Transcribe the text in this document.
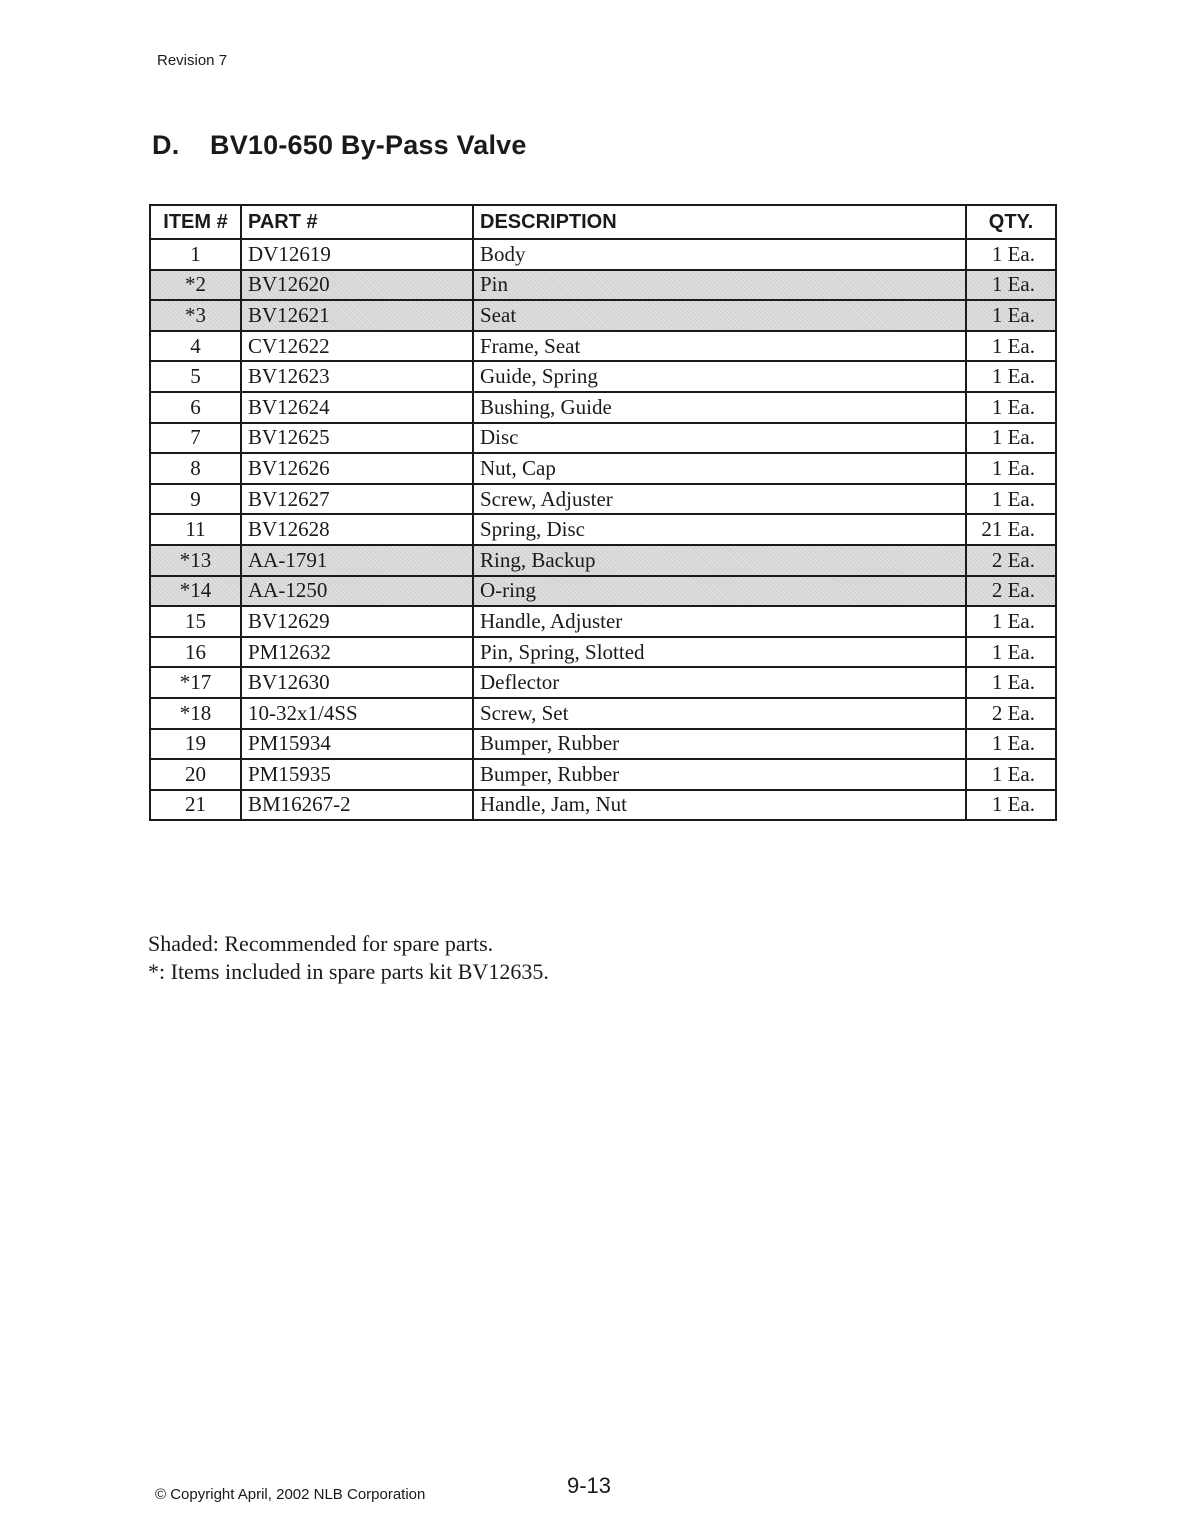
Revision 7
D. BV10-650 By-Pass Valve
ITEM #	PART #	DESCRIPTION	QTY.
1	DV12619	Body	1 Ea.
*2	BV12620	Pin	1 Ea.
*3	BV12621	Seat	1 Ea.
4	CV12622	Frame, Seat	1 Ea.
5	BV12623	Guide, Spring	1 Ea.
6	BV12624	Bushing, Guide	1 Ea.
7	BV12625	Disc	1 Ea.
8	BV12626	Nut, Cap	1 Ea.
9	BV12627	Screw, Adjuster	1 Ea.
11	BV12628	Spring, Disc	21 Ea.
*13	AA-1791	Ring, Backup	2 Ea.
*14	AA-1250	O-ring	2 Ea.
15	BV12629	Handle, Adjuster	1 Ea.
16	PM12632	Pin, Spring, Slotted	1 Ea.
*17	BV12630	Deflector	1 Ea.
*18	10-32x1/4SS	Screw, Set	2 Ea.
19	PM15934	Bumper, Rubber	1 Ea.
20	PM15935	Bumper, Rubber	1 Ea.
21	BM16267-2	Handle, Jam, Nut	1 Ea.
Shaded: Recommended for spare parts.
*: Items included in spare parts kit BV12635.
© Copyright April, 2002 NLB Corporation	9-13
